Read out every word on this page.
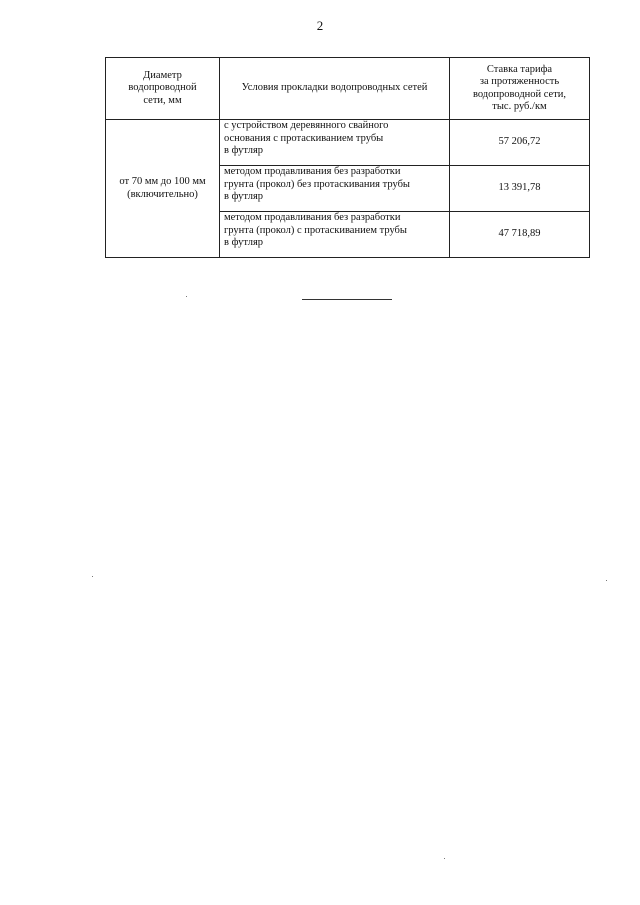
2
Диаметр
водопроводной
сети, мм	Условия прокладки водопроводных сетей	Ставка тарифа
за протяженность
водопроводной сети,
тыс. руб./км

от 70 мм до 100 мм
(включительно)	с устройством деревянного свайного
основания с протаскиванием трубы
в футляр	57 206,72

	методом продавливания без разработки
грунта (прокол) без протаскивания трубы
в футляр	13 391,78

	методом продавливания без разработки
грунта (прокол) с протаскиванием трубы
в футляр	47 718,89
